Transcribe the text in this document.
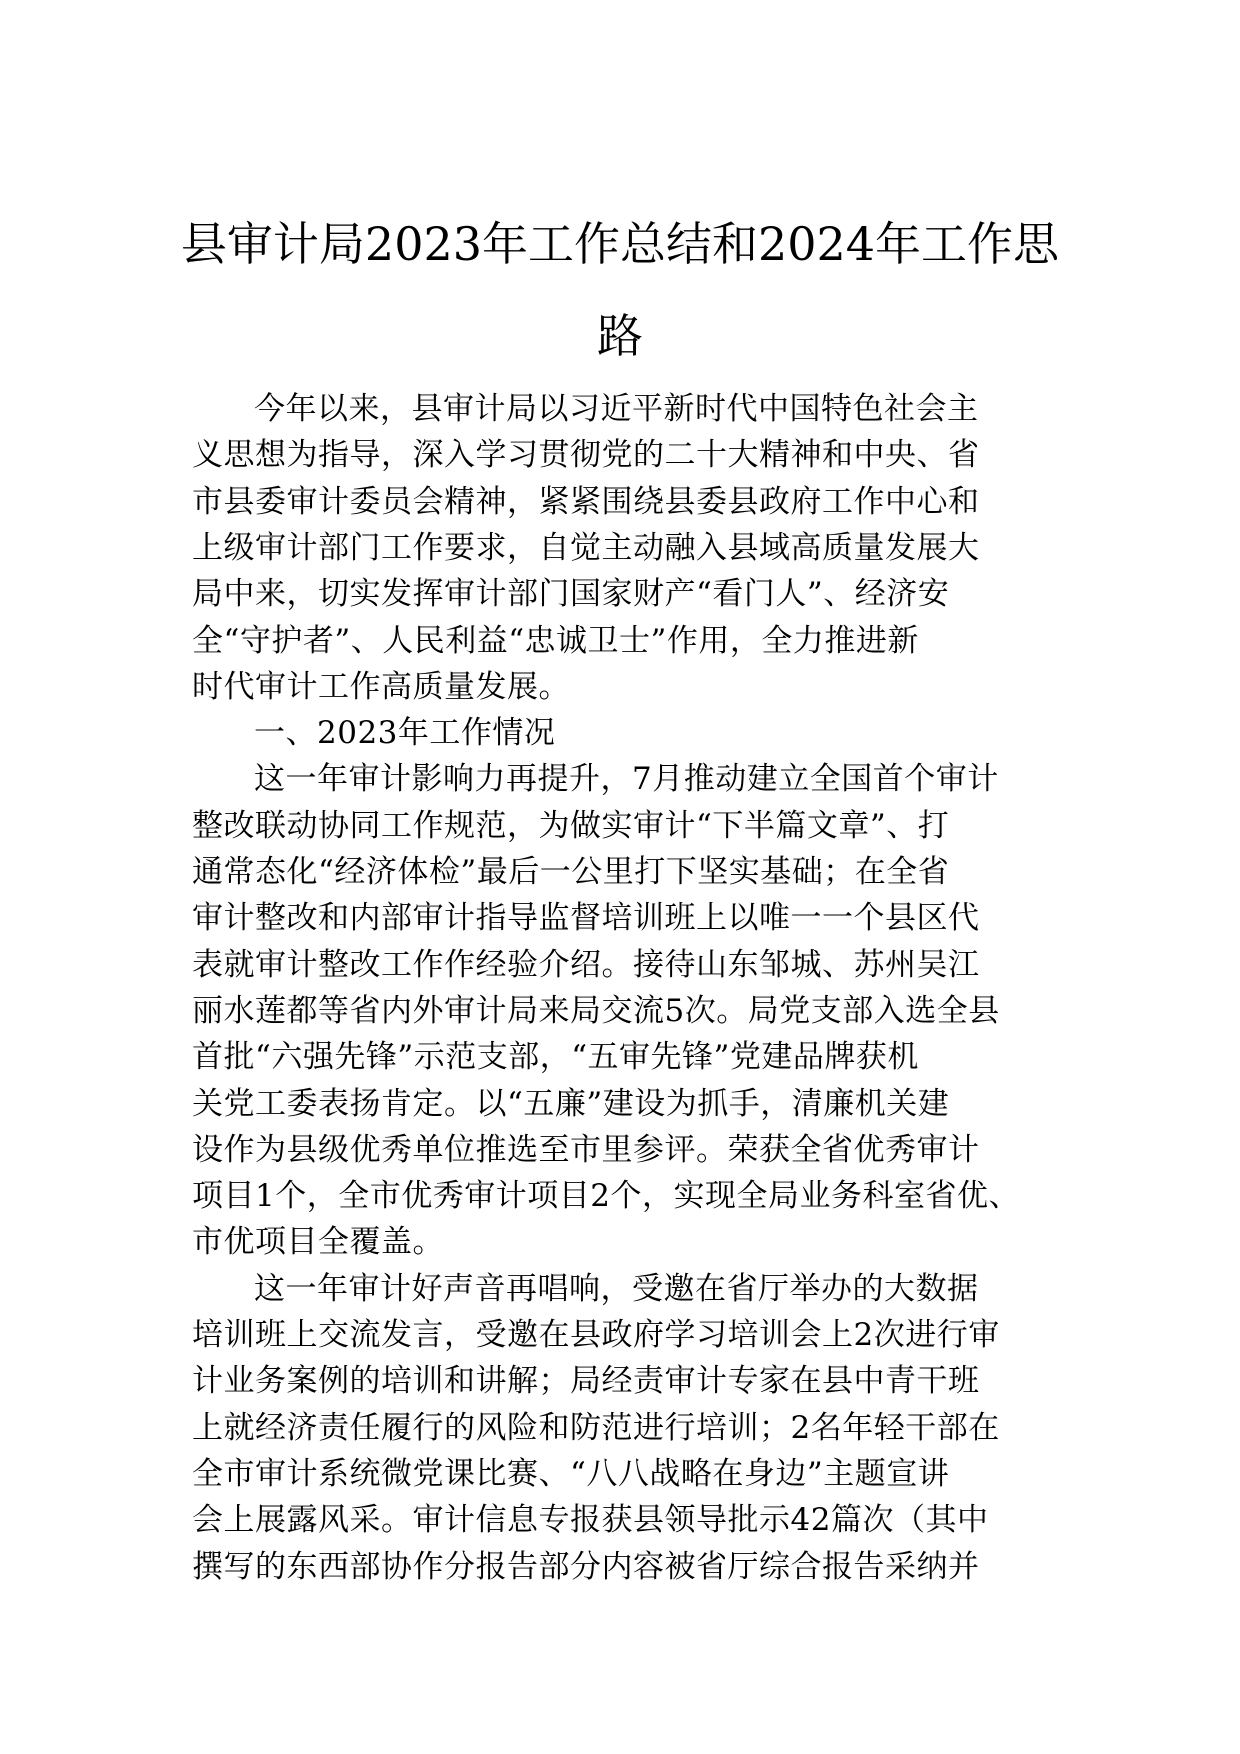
县审计局2023年工作总结和2024年工作思
路
今年以来，县审计局以习近平新时代中国特色社会主
义思想为指导，深入学习贯彻党的二十大精神和中央、省
市县委审计委员会精神，紧紧围绕县委县政府工作中心和
上级审计部门工作要求，自觉主动融入县域高质量发展大
局中来，切实发挥审计部门国家财产“看门人”、经济安
全“守护者”、人民利益“忠诚卫士”作用，全力推进新
时代审计工作高质量发展。
一、2023年工作情况
这一年审计影响力再提升，7月推动建立全国首个审计
整改联动协同工作规范，为做实审计“下半篇文章”、打
通常态化“经济体检”最后一公里打下坚实基础；在全省
审计整改和内部审计指导监督培训班上以唯一一个县区代
表就审计整改工作作经验介绍。接待山东邹城、苏州吴江
丽水莲都等省内外审计局来局交流5次。局党支部入选全县
首批“六强先锋”示范支部，“五审先锋”党建品牌获机
关党工委表扬肯定。以“五廉”建设为抓手，清廉机关建
设作为县级优秀单位推选至市里参评。荣获全省优秀审计
项目1个，全市优秀审计项目2个，实现全局业务科室省优、
市优项目全覆盖。
这一年审计好声音再唱响，受邀在省厅举办的大数据
培训班上交流发言，受邀在县政府学习培训会上2次进行审
计业务案例的培训和讲解；局经责审计专家在县中青干班
上就经济责任履行的风险和防范进行培训；2名年轻干部在
全市审计系统微党课比赛、“八八战略在身边”主题宣讲
会上展露风采。审计信息专报获县领导批示42篇次（其中
撰写的东西部协作分报告部分内容被省厅综合报告采纳并
